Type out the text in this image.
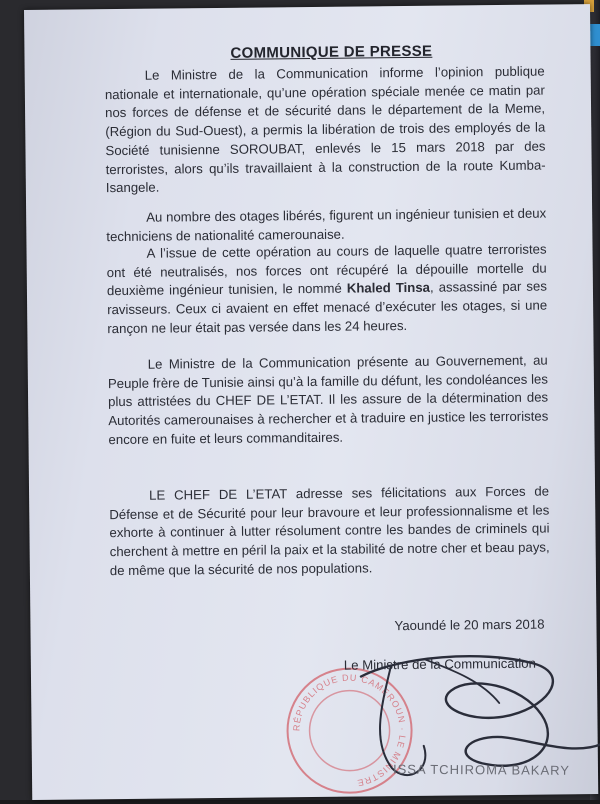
COMMUNIQUE DE PRESSE

Le Ministre de la Communication informe l’opinion publique nationale et internationale, qu’une opération spéciale menée ce matin par nos forces de défense et de sécurité dans le département de la Meme, (Région du Sud-Ouest), a permis la libération de trois des employés de la Société tunisienne SOROUBAT, enlevés le 15 mars 2018 par des terroristes, alors qu’ils travaillaient à la construction de la route Kumba-Isangele.

Au nombre des otages libérés, figurent un ingénieur tunisien et deux techniciens de nationalité camerounaise.

A l’issue de cette opération au cours de laquelle quatre terroristes ont été neutralisés, nos forces ont récupéré la dépouille mortelle du deuxième ingénieur tunisien, le nommé Khaled Tinsa, assassiné par ses ravisseurs. Ceux ci avaient en effet menacé d’exécuter les otages, si une rançon ne leur était pas versée dans les 24 heures.

Le Ministre de la Communication présente au Gouvernement, au Peuple frère de Tunisie ainsi qu’à la famille du défunt, les condoléances les plus attristées du CHEF DE L’ETAT. Il les assure de la détermination des Autorités camerounaises à rechercher et à traduire en justice les terroristes encore en fuite et leurs commanditaires.

LE CHEF DE L’ETAT adresse ses félicitations aux Forces de Défense et de Sécurité pour leur bravoure et leur professionnalisme et les exhorte à continuer à lutter résolument contre les bandes de criminels qui cherchent à mettre en péril la paix et la stabilité de notre cher et beau pays, de même que la sécurité de nos populations.

Yaoundé le 20 mars 2018
RÉPUBLIQUE DU CAMEROUN · LE MINISTRE
Le Ministre de la Communication
ISSA TCHIROMA BAKARY
